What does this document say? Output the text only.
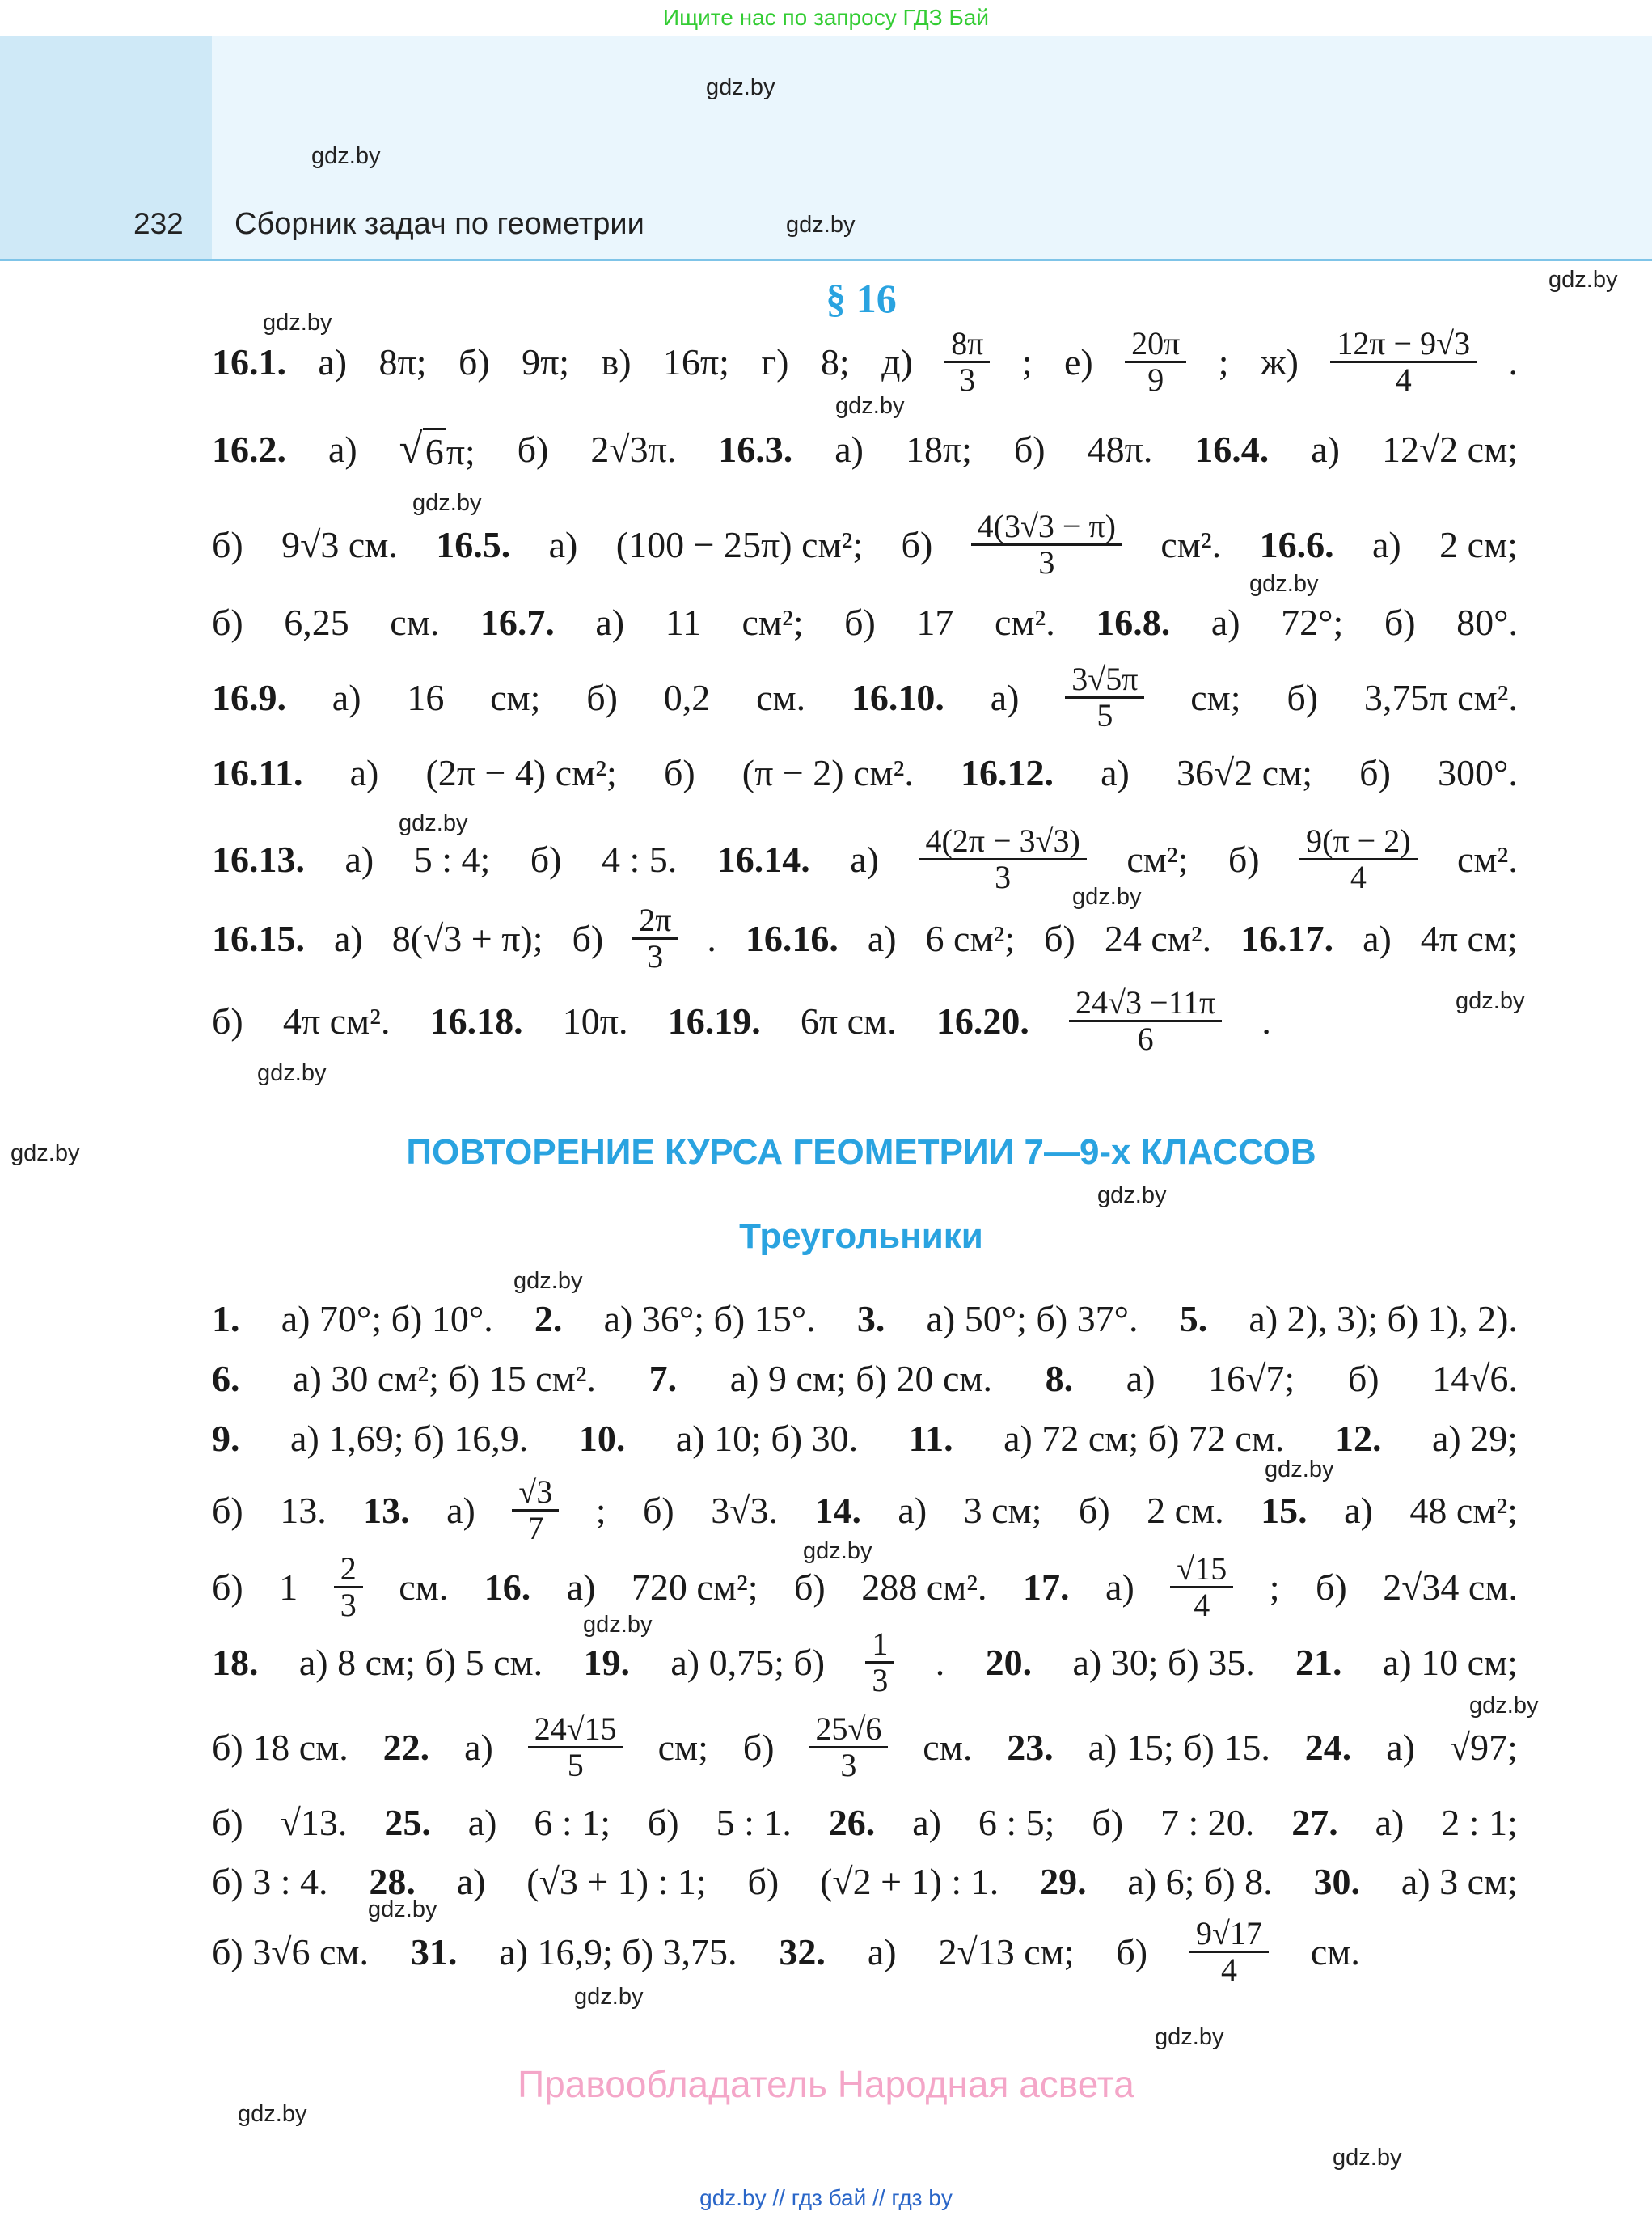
Ищите нас по запросу ГДЗ Бай
232 Сборник задач по геометрии
gdz.by
gdz.by
gdz.by
gdz.by
gdz.by
gdz.by
gdz.by
gdz.by
gdz.by
gdz.by
gdz.by
gdz.by
gdz.by
gdz.by
gdz.by
gdz.by
gdz.by
gdz.by
gdz.by
gdz.by
gdz.by
gdz.by
gdz.by
gdz.by
§ 16
16.1. а) 8π; б) 9π; в) 16π; г) 8; $д) \frac{8\pi}{3}$ ; $е) \frac{20\pi}{9}$ ; $ж) \frac{12\pi - 9√3}{4}$ .
16.2. а) √ 6 π; б) 2√3π. 16.3. а) 18π; б) 48π. 16.4. а) 12√2 см;
б) 9√3 см. 16.5. а) (100 − 25π) см²; $б) \frac{4(3√3 - \pi)}{3} см^2$. 16.6. а) 2 см;
б) 6,25 см. 16.7. а) 11 см²; б) 17 см². 16.8. а) 72°; б) 80°.
16.9. а) 16 см; б) 0,2 см. 16.10. $а) \frac{3√5\pi}{5}$ см; б) 3,75π см².
16.11. а) (2π − 4) см²; б) (π − 2) см². 16.12. а) 36√2 см; б) 300°.
16.13. а) 5 : 4; б) 4 : 5. 16.14. $а) \frac{4(2\pi - 3√3)}{3} см^2$; $б) \frac{9(\pi - 2)}{4} см^2$.
16.15. а) 8(√3 + π); $б) \frac{2\pi}{3}$ . 16.16. а) 6 см²; б) 24 см². 16.17. а) 4π см;
б) 4π см². 16.18. 10π. 16.19. 6π см. 16.20. $\frac{24√3 -11\pi}{6}$ .
ПОВТОРЕНИЕ КУРСА ГЕОМЕТРИИ 7—9-х КЛАССОВ
Треугольники
1. а) 70°; б) 10°. 2. а) 36°; б) 15°. 3. а) 50°; б) 37°. 5. а) 2), 3); б) 1), 2).
6. а) 30 см²; б) 15 см². 7. а) 9 см; б) 20 см. 8. а) 16√7; б) 14√6.
9. а) 1,69; б) 16,9. 10. а) 10; б) 30. 11. а) 72 см; б) 72 см. 12. а) 29;
б) 13. 13. $а) \frac{√3}{7}$ ; б) 3√3. 14. а) 3 см; б) 2 см. 15. а) 48 см²;
б) $1 \frac{2}{3}$ см. 16. а) 720 см²; б) 288 см². 17. $а) \frac{√15}{4}$ ; б) 2√34 см.
18. а) 8 см; б) 5 см. 19. а) 0,75; $б) \frac{1}{3}$ . 20. а) 30; б) 35. 21. а) 10 см;
б) 18 см. 22. $а) \frac{24√15}{5}$ см; $б) \frac{25√6}{3}$ см. 23. а) 15; б) 15. 24. а) √97;
б) √13. 25. а) 6 : 1; б) 5 : 1. 26. а) 6 : 5; б) 7 : 20. 27. а) 2 : 1;
б) 3 : 4. 28. а) (√3 + 1) : 1; б) (√2 + 1) : 1. 29. а) 6; б) 8. 30. а) 3 см;
б) 3√6 см. 31. а) 16,9; б) 3,75. 32. а) 2√13 см; $б) \frac{9√17}{4}$ см.
Правообладатель Народная асвета
gdz.by // гдз бай // гдз by
